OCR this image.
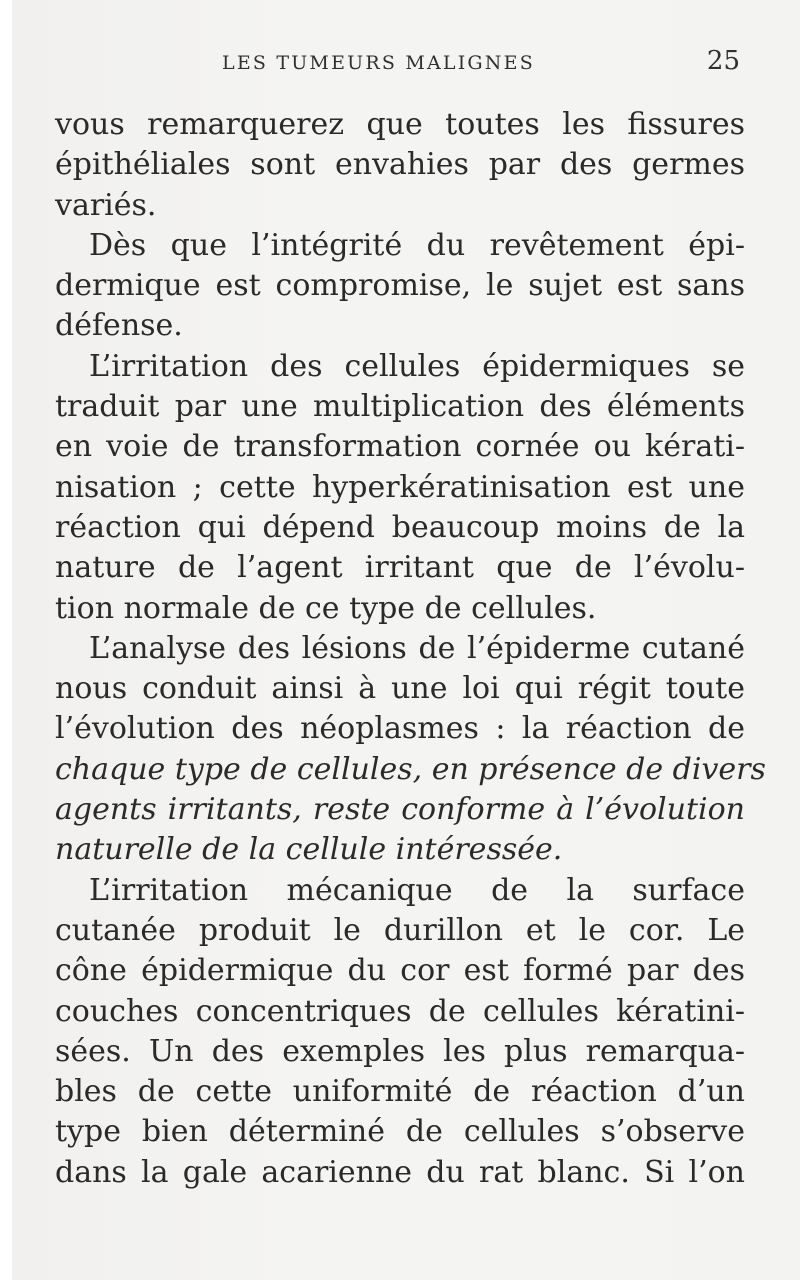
LES TUMEURS MALIGNES	25
vous remarquerez que toutes les fissures
épithéliales sont envahies par des germes
variés.
Dès que l’intégrité du revêtement épi-
dermique est compromise, le sujet est sans
défense.
L’irritation des cellules épidermiques se
traduit par une multiplication des éléments
en voie de transformation cornée ou kérati-
nisation ; cette hyperkératinisation est une
réaction qui dépend beaucoup moins de la
nature de l’agent irritant que de l’évolu-
tion normale de ce type de cellules.
L’analyse des lésions de l’épiderme cutané
nous conduit ainsi à une loi qui régit toute
l’évolution des néoplasmes : la réaction de
chaque type de cellules, en présence de divers
agents irritants, reste conforme à l’évolution
naturelle de la cellule intéressée.
L’irritation mécanique de la surface
cutanée produit le durillon et le cor. Le
cône épidermique du cor est formé par des
couches concentriques de cellules kératini-
sées. Un des exemples les plus remarqua-
bles de cette uniformité de réaction d’un
type bien déterminé de cellules s’observe
dans la gale acarienne du rat blanc. Si l’on
